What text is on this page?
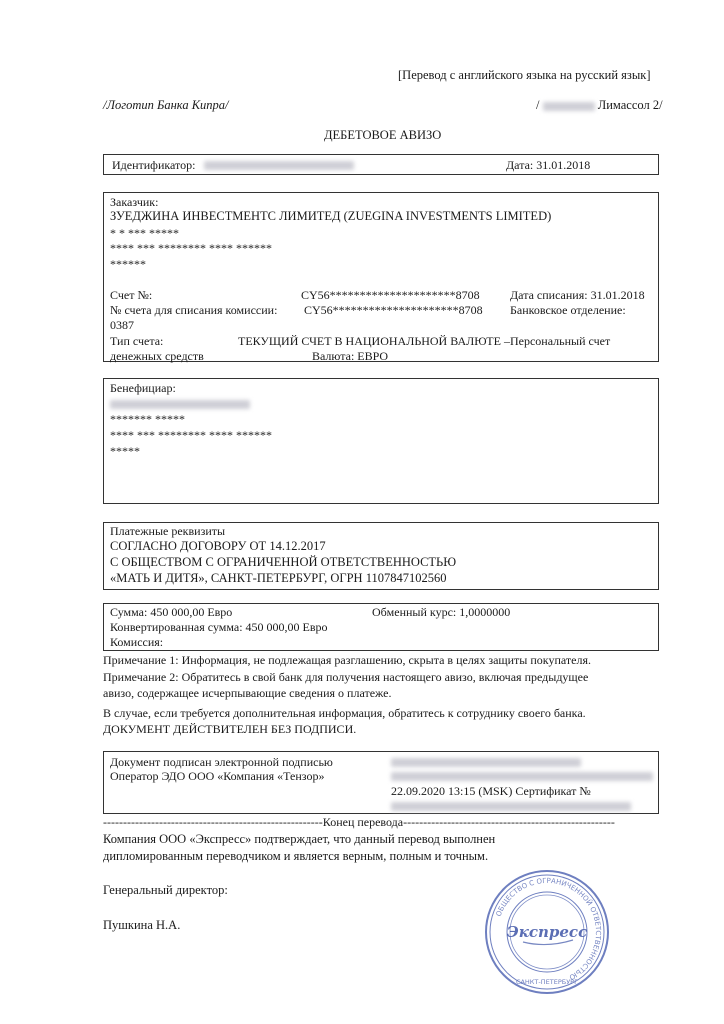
[Перевод с английского языка на русский язык]
/Логотип Банка Кипра/	/	Лимассол 2/
ДЕБЕТОВОЕ АВИЗО
Идентификатор:	Дата: 31.01.2018
Заказчик:
ЗУЕДЖИНА ИНВЕСТМЕНТС ЛИМИТЕД (ZUEGINA INVESTMENTS LIMITED)
* * *** *****
**** *** ******** **** ******
******
Счет №:	CY56*********************8708	Дата списания: 31.01.2018
№ счета для списания комиссии: CY56*********************8708 Банковское отделение:
0387
Тип счета:	ТЕКУЩИЙ СЧЕТ В НАЦИОНАЛЬНОЙ ВАЛЮТЕ –Персональный счет
денежных средств	Валюта: ЕВРО
Бенефициар:
******* *****
**** *** ******** **** ******
*****
Платежные реквизиты
СОГЛАСНО ДОГОВОРУ ОТ 14.12.2017
С ОБЩЕСТВОМ С ОГРАНИЧЕННОЙ ОТВЕТСТВЕННОСТЬЮ
«МАТЬ И ДИТЯ», САНКТ-ПЕТЕРБУРГ, ОГРН 1107847102560
Сумма: 450 000,00 Евро	Обменный курс: 1,0000000
Конвертированная сумма: 450 000,00 Евро
Комиссия:
Примечание 1: Информация, не подлежащая разглашению, скрыта в целях защиты покупателя.
Примечание 2: Обратитесь в свой банк для получения настоящего авизо, включая предыдущее
авизо, содержащее исчерпывающие сведения о платеже.
В случае, если требуется дополнительная информация, обратитесь к сотруднику своего банка.
ДОКУМЕНТ ДЕЙСТВИТЕЛЕН БЕЗ ПОДПИСИ.
Документ подписан электронной подписью
Оператор ЭДО ООО «Компания «Тензор»
22.09.2020 13:15 (MSK) Сертификат №
-------------------------------------------------------Конец перевода-----------------------------------------------------
Компания ООО «Экспресс» подтверждает, что данный перевод выполнен
дипломированным переводчиком и является верным, полным и точным.
Генеральный директор:
Пушкина Н.А.
ОБЩЕСТВО С ОГРАНИЧЕННОЙ ОТВЕТСТВЕННОСТЬЮ
САНКТ-ПЕТЕРБУРГ
Экспресс
